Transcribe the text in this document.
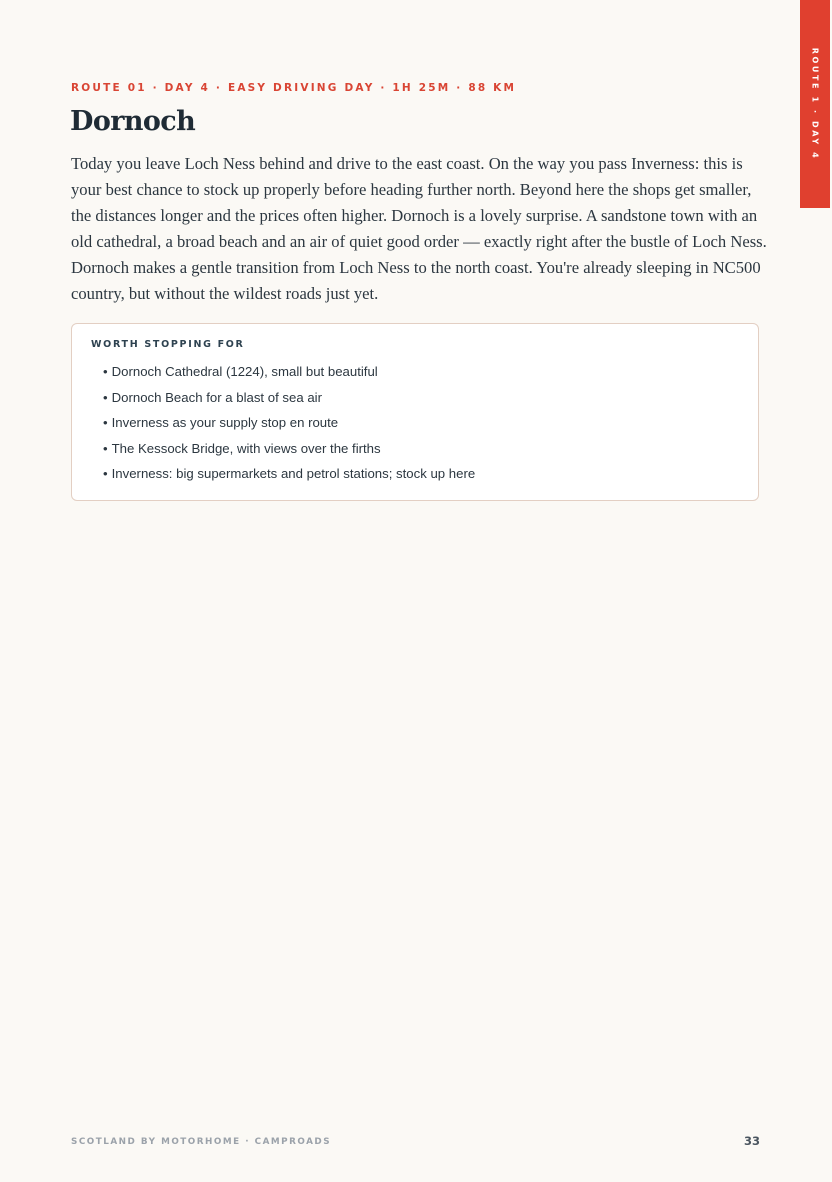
ROUTE 1 · DAY 4
ROUTE 01 · DAY 4 · EASY DRIVING DAY · 1H 25M · 88 KM
Dornoch

Today you leave Loch Ness behind and drive to the east coast. On the way you pass Inverness: this is your best chance to stock up properly before heading further north. Beyond here the shops get smaller, the distances longer and the prices often higher. Dornoch is a lovely surprise. A sandstone town with an old cathedral, a broad beach and an air of quiet good order — exactly right after the bustle of Loch Ness. Dornoch makes a gentle transition from Loch Ness to the north coast. You're already sleeping in NC500 country, but without the wildest roads just yet.

WORTH STOPPING FOR
• Dornoch Cathedral (1224), small but beautiful
• Dornoch Beach for a blast of sea air
• Inverness as your supply stop en route
• The Kessock Bridge, with views over the firths
• Inverness: big supermarkets and petrol stations; stock up here
SCOTLAND BY MOTORHOME · CAMPROADS	33
